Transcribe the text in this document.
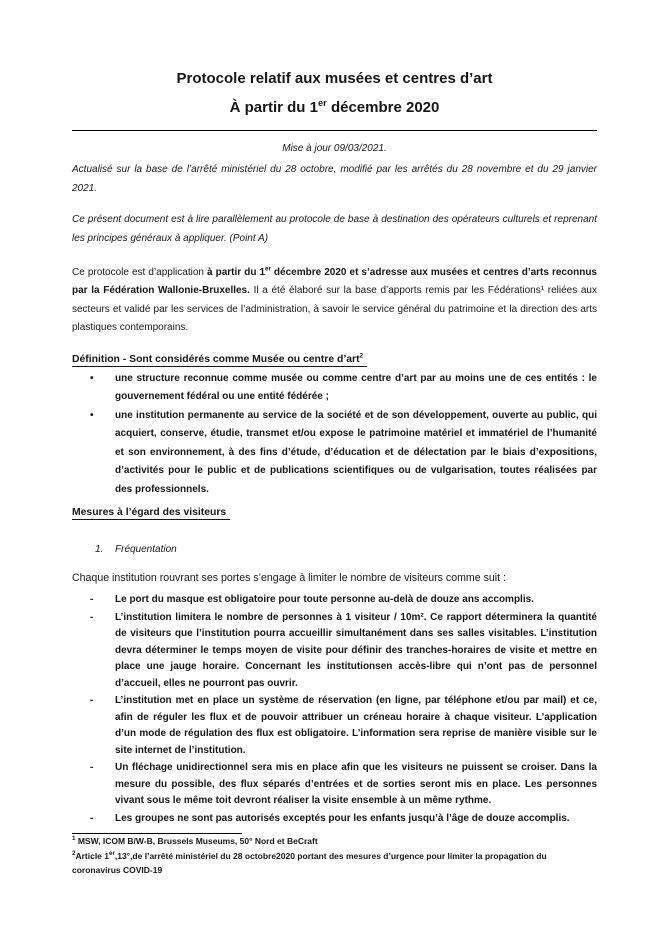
Protocole relatif aux musées et centres d’art
À partir du 1er décembre 2020

Mise à jour 09/03/2021.

Actualisé sur la base de l’arrêté ministériel du 28 octobre, modifié par les arrêtés du 28 novembre et du 29 janvier 2021.

Ce présent document est à lire parallèlement au protocole de base à destination des opérateurs culturels et reprenant les principes généraux à appliquer. (Point A)

Ce protocole est d’application à partir du 1er décembre 2020 et s’adresse aux musées et centres d’arts reconnus par la Fédération Wallonie-Bruxelles. Il a été élaboré sur la base d’apports remis par les Fédérations¹ reliées aux secteurs et validé par les services de l’administration, à savoir le service général du patrimoine et la direction des arts plastiques contemporains.

Définition - Sont considérés comme Musée ou centre d’art$^2$

• une structure reconnue comme musée ou comme centre d’art par au moins une de ces entités : le gouvernement fédéral ou une entité fédérée ;
• une institution permanente au service de la société et de son développement, ouverte au public, qui acquiert, conserve, étudie, transmet et/ou expose le patrimoine matériel et immatériel de l’humanité et son environnement, à des fins d’étude, d’éducation et de délectation par le biais d’expositions, d’activités pour le public et de publications scientifiques ou de vulgarisation, toutes réalisées par des professionnels.

Mesures à l’égard des visiteurs

1. Fréquentation

Chaque institution rouvrant ses portes s’engage à limiter le nombre de visiteurs comme suit :

- Le port du masque est obligatoire pour toute personne au-delà de douze ans accomplis.
- L’institution limitera le nombre de personnes à 1 visiteur / 10m². Ce rapport déterminera la quantité de visiteurs que l’institution pourra accueillir simultanément dans ses salles visitables. L’institution devra déterminer le temps moyen de visite pour définir des tranches-horaires de visite et mettre en place une jauge horaire. Concernant les institutionsen accès-libre qui n’ont pas de personnel d’accueil, elles ne pourront pas ouvrir.
- L’institution met en place un système de réservation (en ligne, par téléphone et/ou par mail) et ce, afin de réguler les flux et de pouvoir attribuer un créneau horaire à chaque visiteur. L’application d’un mode de régulation des flux est obligatoire. L’information sera reprise de manière visible sur le site internet de l’institution.
- Un fléchage unidirectionnel sera mis en place afin que les visiteurs ne puissent se croiser. Dans la mesure du possible, des flux séparés d’entrées et de sorties seront mis en place. Les personnes vivant sous le même toit devront réaliser la visite ensemble à un même rythme.
- Les groupes ne sont pas autorisés exceptés pour les enfants jusqu’à l’âge de douze accomplis.

$^1$ MSW, ICOM B/W-B, Brussels Museums, 50° Nord et BeCraft

$^2$Article 1er,13°,de l’arrêté ministériel du 28 octobre2020 portant des mesures d’urgence pour limiter la propagation du coronavirus COVID-19
